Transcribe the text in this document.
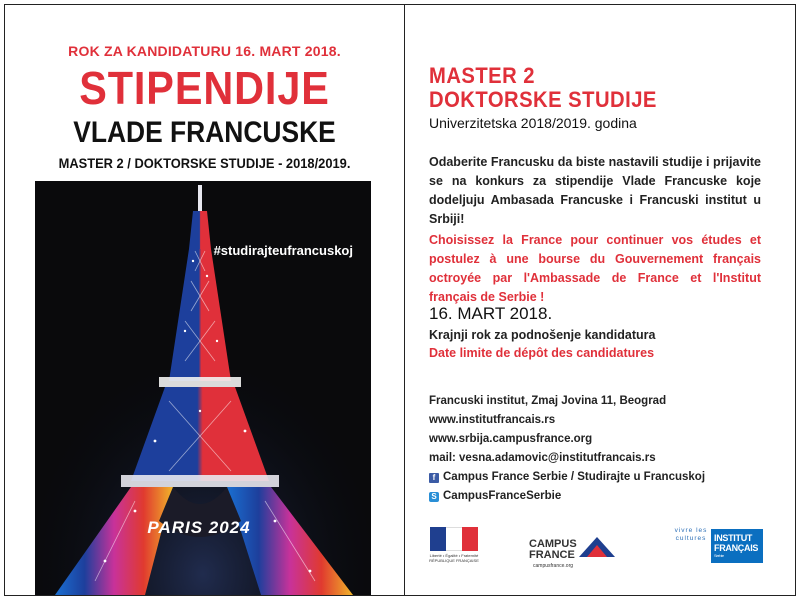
ROK ZA KANDIDATURU 16. MART 2018.
STIPENDIJE
VLADE FRANCUSKE
MASTER 2 / DOKTORSKE STUDIJE - 2018/2019.
PARIS 2024
#studirajteufrancuskoj
MASTER 2
DOKTORSKE STUDIJE
Univerzitetska 2018/2019. godina
Odaberite Francusku da biste nastavili studije i prijavite se na konkurs za stipendije Vlade Francuske koje dodeljuju Ambasada Francuske i Francuski institut u Srbiji!
Choisissez la France pour continuer vos études et postulez à une bourse du Gouvernement français octroyée par l'Ambassade de France et l'Institut français de Serbie !
16. MART 2018.
Krajnji rok za podnošenje kandidatura
Date limite de dépôt des candidatures
Francuski institut, Zmaj Jovina 11, Beograd
www.institutfrancais.rs
www.srbija.campusfrance.org
mail: vesna.adamovic@institutfrancais.rs
f Campus France Serbie / Studirajte u Francuskoj
S CampusFranceSerbie
Liberté • Égalité • Fraternité RÉPUBLIQUE FRANÇAISE
CAMPUS
FRANCE
campusfrance.org
vivre les cultures INSTITUT FRANÇAIS
Serbie
